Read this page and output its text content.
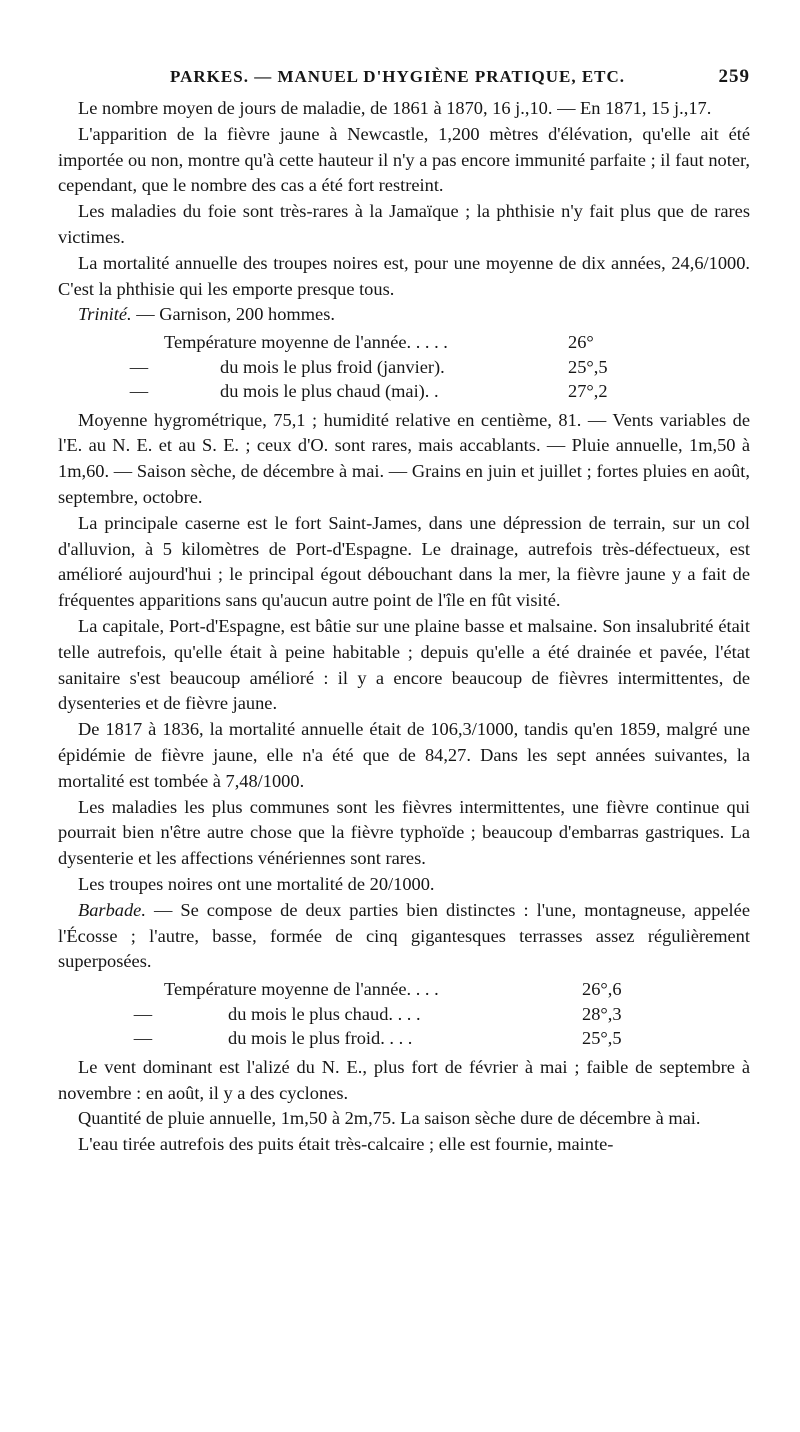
PARKES. — MANUEL D'HYGIÈNE PRATIQUE, ETC.	259

Le nombre moyen de jours de maladie, de 1861 à 1870, 16 j.,10. — En 1871, 15 j.,17.

L'apparition de la fièvre jaune à Newcastle, 1,200 mètres d'élévation, qu'elle ait été importée ou non, montre qu'à cette hauteur il n'y a pas encore immunité parfaite ; il faut noter, cependant, que le nombre des cas a été fort restreint.

Les maladies du foie sont très-rares à la Jamaïque ; la phthisie n'y fait plus que de rares victimes.

La mortalité annuelle des troupes noires est, pour une moyenne de dix années, 24,6/1000. C'est la phthisie qui les emporte presque tous.

Trinité. — Garnison, 200 hommes.

Température moyenne de l'année. . . . .	26°
—	du mois le plus froid (janvier).	25°,5
—	du mois le plus chaud (mai). .	27°,2

Moyenne hygrométrique, 75,1 ; humidité relative en centième, 81. — Vents variables de l'E. au N. E. et au S. E. ; ceux d'O. sont rares, mais accablants. — Pluie annuelle, 1m,50 à 1m,60. — Saison sèche, de décembre à mai. — Grains en juin et juillet ; fortes pluies en août, septembre, octobre.

La principale caserne est le fort Saint-James, dans une dépression de terrain, sur un col d'alluvion, à 5 kilomètres de Port-d'Espagne. Le drainage, autrefois très-défectueux, est amélioré aujourd'hui ; le principal égout débouchant dans la mer, la fièvre jaune y a fait de fréquentes apparitions sans qu'aucun autre point de l'île en fût visité.

La capitale, Port-d'Espagne, est bâtie sur une plaine basse et malsaine. Son insalubrité était telle autrefois, qu'elle était à peine habitable ; depuis qu'elle a été drainée et pavée, l'état sanitaire s'est beaucoup amélioré : il y a encore beaucoup de fièvres intermittentes, de dysenteries et de fièvre jaune.

De 1817 à 1836, la mortalité annuelle était de 106,3/1000, tandis qu'en 1859, malgré une épidémie de fièvre jaune, elle n'a été que de 84,27. Dans les sept années suivantes, la mortalité est tombée à 7,48/1000.

Les maladies les plus communes sont les fièvres intermittentes, une fièvre continue qui pourrait bien n'être autre chose que la fièvre typhoïde ; beaucoup d'embarras gastriques. La dysenterie et les affections vénériennes sont rares.

Les troupes noires ont une mortalité de 20/1000.

Barbade. — Se compose de deux parties bien distinctes : l'une, montagneuse, appelée l'Écosse ; l'autre, basse, formée de cinq gigantesques terrasses assez régulièrement superposées.

Température moyenne de l'année. . . .	26°,6
—	du mois le plus chaud. . . .	28°,3
—	du mois le plus froid. . . .	25°,5

Le vent dominant est l'alizé du N. E., plus fort de février à mai ; faible de septembre à novembre : en août, il y a des cyclones.

Quantité de pluie annuelle, 1m,50 à 2m,75. La saison sèche dure de décembre à mai.

L'eau tirée autrefois des puits était très-calcaire ; elle est fournie, mainte-
